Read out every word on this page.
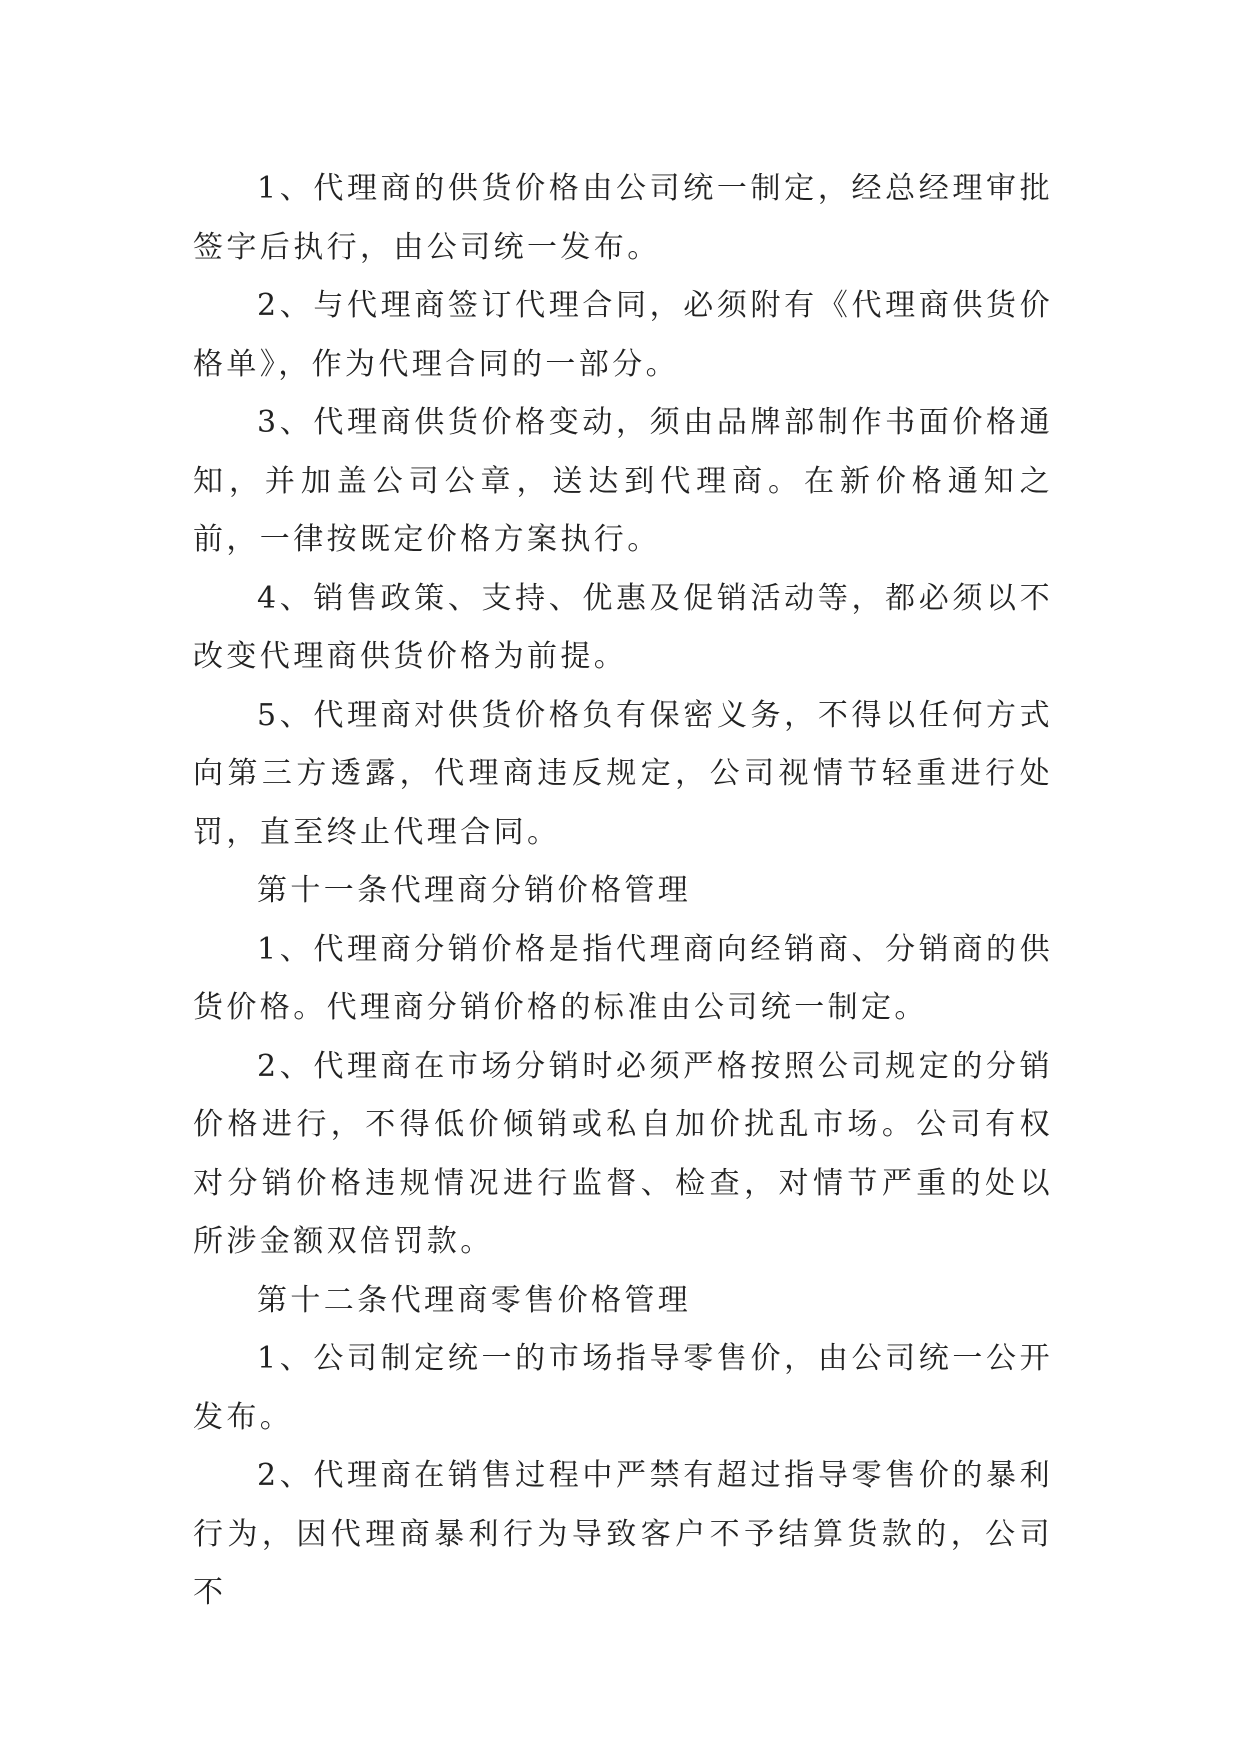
1、代理商的供货价格由公司统一制定，经总经理审批签字后执行，由公司统一发布。

2、与代理商签订代理合同，必须附有《代理商供货价格单》，作为代理合同的一部分。

3、代理商供货价格变动，须由品牌部制作书面价格通知，并加盖公司公章，送达到代理商。在新价格通知之前，一律按既定价格方案执行。

4、销售政策、支持、优惠及促销活动等，都必须以不改变代理商供货价格为前提。

5、代理商对供货价格负有保密义务，不得以任何方式向第三方透露，代理商违反规定，公司视情节轻重进行处罚，直至终止代理合同。

第十一条代理商分销价格管理

1、代理商分销价格是指代理商向经销商、分销商的供货价格。代理商分销价格的标准由公司统一制定。

2、代理商在市场分销时必须严格按照公司规定的分销价格进行，不得低价倾销或私自加价扰乱市场。公司有权对分销价格违规情况进行监督、检查，对情节严重的处以所涉金额双倍罚款。

第十二条代理商零售价格管理

1、公司制定统一的市场指导零售价，由公司统一公开发布。

2、代理商在销售过程中严禁有超过指导零售价的暴利行为，因代理商暴利行为导致客户不予结算货款的，公司不
